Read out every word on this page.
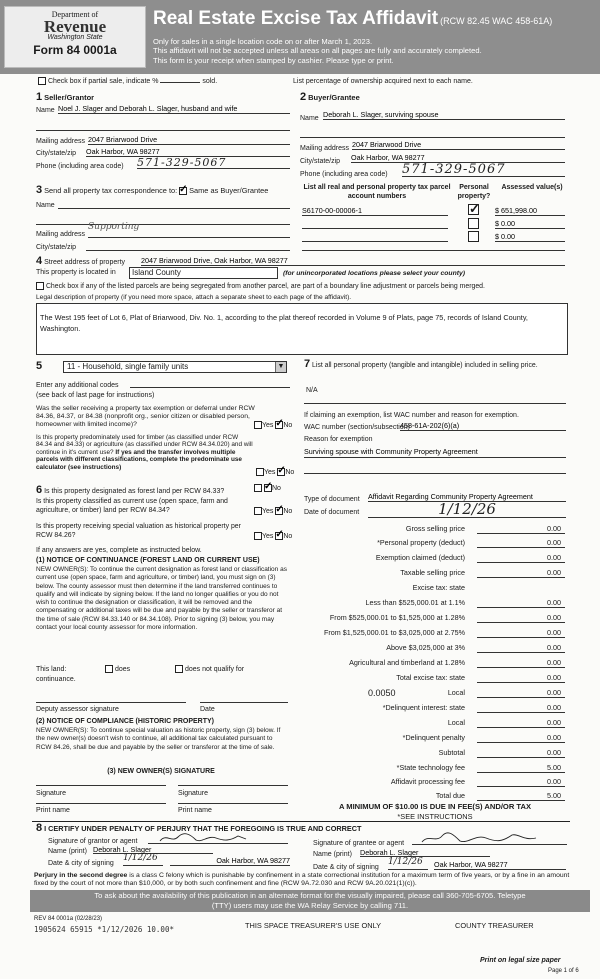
Department of
Revenue
Washington State
Form 84 0001a
Real Estate Excise Tax Affidavit (RCW 82.45 WAC 458-61A)
Only for sales in a single location code on or after March 1, 2023.
This affidavit will not be accepted unless all areas on all pages are fully and accurately completed.
This form is your receipt when stamped by cashier. Please type or print.
Check box if partial sale, indicate %	sold.	List percentage of ownership acquired next to each name.
1 Seller/Grantor
Name Noel J. Slager and Deborah L. Slager, husband and wife
Mailing address 2047 Briarwood Drive
City/state/zip Oak Harbor, WA 98277
Phone (including area code) 571-329-5067
2 Buyer/Grantee
Name Deborah L. Slager, surviving spouse
Mailing address 2047 Briarwood Drive
City/state/zip Oak Harbor, WA 98277
Phone (including area code) 571-329-5067
3 Send all property tax correspondence to: ✓ Same as Buyer/Grantee
Name
Mailing address
Supporting
City/state/zip
List all real and personal property tax parcel account numbers
Personal property?
Assessed value(s)
S6170-00-00006-1 ✓	$ 651,998.00
$ 0.00
$ 0.00
4 Street address of property 2047 Briarwood Drive, Oak Harbor, WA 98277
This property is located in	Island County	(for unincorporated locations please select your county)
Check box if any of the listed parcels are being segregated from another parcel, are part of a boundary line adjustment or parcels being merged.
Legal description of property (if you need more space, attach a separate sheet to each page of the affidavit).
The West 195 feet of Lot 6, Plat of Briarwood, Div. No. 1, according to the plat thereof recorded in Volume 9 of Plats, page 75, records of Island County, Washington.
5	11 - Household, single family units	▼
Enter any additional codes
(see back of last page for instructions)
Was the seller receiving a property tax exemption or deferral under RCW 84.36, 84.37, or 84.38 (nonprofit org., senior citizen or disabled person, homeowner with limited income)?	Yes ✓ No
Is this property predominately used for timber (as classified under RCW 84.34 and 84.33) or agriculture (as classified under RCW 84.34.020) and will continue in it's current use? If yes and the transfer involves multiple parcels with different classifications, complete the predominate use calculator (see instructions)
Yes ✓ No
6 Is this property designated as forest land per RCW 84.33? ✓	No
Is this property classified as current use (open space, farm and agriculture, or timber) land per RCW 84.34?	Yes ✓ No
Is this property receiving special valuation as historical property per RCW 84.26?	Yes ✓ No
If any answers are yes, complete as instructed below.
(1) NOTICE OF CONTINUANCE (FOREST LAND OR CURRENT USE)
NEW OWNER(S): To continue the current designation as forest land or classification as current use (open space, farm and agriculture, or timber) land, you must sign on (3) below. The county assessor must then determine if the land transferred continues to qualify and will indicate by signing below. If the land no longer qualifies or you do not wish to continue the designation or classification, it will be removed and the compensating or additional taxes will be due and payable by the seller or transferor at the time of sale (RCW 84.33.140 or 84.34.108). Prior to signing (3) below, you may contact your local county assessor for more information.
This land:	does	does not qualify for
continuance.
Deputy assessor signature	Date
(2) NOTICE OF COMPLIANCE (HISTORIC PROPERTY)
NEW OWNER(S): To continue special valuation as historic property, sign (3) below. If the new owner(s) doesn't wish to continue, all additional tax calculated pursuant to RCW 84.26, shall be due and payable by the seller or transferor at the time of sale.
(3) NEW OWNER(S) SIGNATURE
Signature	Signature
Print name	Print name
7 List all personal property (tangible and intangible) included in selling price.
N/A
If claiming an exemption, list WAC number and reason for exemption.
WAC number (section/subsection)
458-61A-202(6)(a)
Reason for exemption
Surviving spouse with Community Property Agreement
Type of document Affidavit Regarding Community Property Agreement
Date of document	1/12/26
Gross selling price	0.00
*Personal property (deduct)	0.00
Exemption claimed (deduct)	0.00
Taxable selling price	0.00
Excise tax: state
Less than $525,000.01 at 1.1%	0.00
From $525,000.01 to $1,525,000 at 1.28%	0.00
From $1,525,000.01 to $3,025,000 at 2.75%	0.00
Above $3,025,000 at 3%	0.00
Agricultural and timberland at 1.28%	0.00
Total excise tax: state	0.00
0.0050	Local	0.00
*Delinquent interest: state	0.00
Local	0.00
*Delinquent penalty	0.00
Subtotal	0.00
*State technology fee	5.00
Affidavit processing fee	0.00
Total due	5.00
A MINIMUM OF $10.00 IS DUE IN FEE(S) AND/OR TAX
*SEE INSTRUCTIONS
8 I CERTIFY UNDER PENALTY OF PERJURY THAT THE FOREGOING IS TRUE AND CORRECT
Signature of grantor or agent
Name (print) Deborah L. Slager
Date & city of signing
1/12/26	Oak Harbor, WA 98277
Signature of grantee or agent
Name (print) Deborah L. Slager
Date & city of signing
1/12/26	Oak Harbor, WA 98277
Perjury in the second degree is a class C felony which is punishable by confinement in a state correctional institution for a maximum term of five years, or by a fine in an amount fixed by the court of not more than $10,000, or by both such confinement and fine (RCW 9A.72.030 and RCW 9A.20.021(1)(c)).
To ask about the availability of this publication in an alternate format for the visually impaired, please call 360-705-6705. Teletype
(TTY) users may use the WA Relay Service by calling 711.
REV 84 0001a (02/28/23)
1905624 65915 *1/12/2026 10.00*	THIS SPACE TREASURER'S USE ONLY	COUNTY TREASURER
Print on legal size paper
Page 1 of 6
